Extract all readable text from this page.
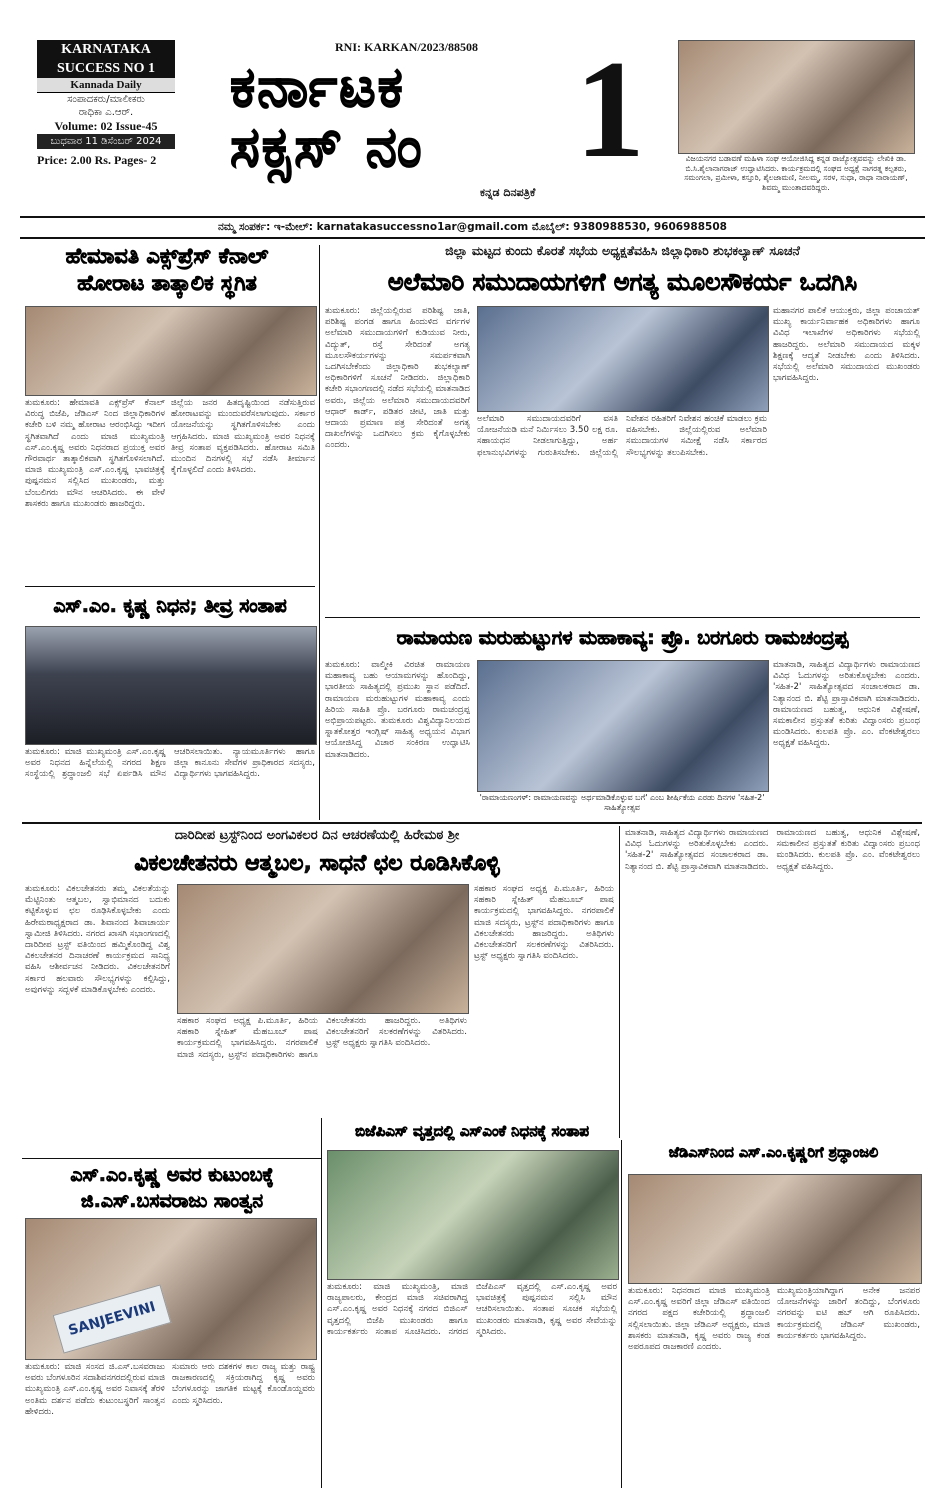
KARNATAKA
SUCCESS NO 1
Kannada Daily
ಸಂಪಾದಕರು/ಮಾಲೀಕರು
ರಾಧಿಕಾ ಎ.ಆರ್.
Volume: 02 Issue-45
ಬುಧವಾರ 11 ಡಿಸೆಂಬರ್ 2024
Price: 2.00 Rs. Pages- 2
RNI: KARKAN/2023/88508
ಕರ್ನಾಟಕ
ಸಕ್ಸಸ್ ನಂ	1
ಕನ್ನಡ ದಿನಪತ್ರಿಕೆ
ವಿಜಯನಗರ ಬಡಾವಣೆ ಮಹಿಳಾ ಸಂಘ ಆಯೋಜಿಸಿದ್ದ ಕನ್ನಡ ರಾಜ್ಯೋತ್ಸವವನ್ನು ಲೇಖಿಕಿ ಡಾ. ಬಿ.ಸಿ.ಶೈಲಾನಾಗರಾಜ್ ಉದ್ಘಾಟಿಸಿದರು. ಕಾರ್ಯಕ್ರಮದಲ್ಲಿ ಸಂಘದ ಅಧ್ಯಕ್ಷೆ ನಾಗರತ್ನ ಕಲ್ಪತರು, ಸಮಂಗಲಾ, ಪ್ರಮೀಳಾ, ಕಸ್ತೂರಿ, ಶೈಲಜಾಮಣಿ, ನೀಲಮ್ಮ, ಸರಳ, ಸುಧಾ, ರಾಧಾ ನಾರಾಯಣ್, ಶಿವಮ್ಮ ಮುಂತಾದವರಿದ್ದರು.
ನಮ್ಮ ಸಂಪರ್ಕ: ಇ-ಮೇಲ್: karnatakasuccessno1ar@gmail.com ಮೊಬೈಲ್: 9380988530, 9606988508
ಹೇಮಾವತಿ ಎಕ್ಸ್‌ಪ್ರೆಸ್ ಕೆನಾಲ್
ಹೋರಾಟ ತಾತ್ಕಾಲಿಕ ಸ್ಥಗಿತ
ತುಮಕೂರು: ಹೇಮಾವತಿ ಎಕ್ಸ್‌ಪ್ರೆಸ್ ಕೆನಾಲ್ ವಿರುದ್ಧ ಬಿಜೆಪಿ, ಜೆಡಿಎಸ್ ನಿಂದ ಜಿಲ್ಲಾಧಿಕಾರಿಗಳ ಕಚೇರಿ ಬಳಿ ನಮ್ಮ ಹೋರಾಟ ಆರಂಭಿಸಿದ್ದು ಇದೀಗ ಸ್ಥಗಿತವಾಗಿದೆ ಎಂದು ಮಾಜಿ ಮುಖ್ಯಮಂತ್ರಿ ಎಸ್.ಎಂ.ಕೃಷ್ಣ ಅವರು ನಿಧನರಾದ ಪ್ರಯುಕ್ತ ಅವರ ಗೌರವಾರ್ಥ ತಾತ್ಕಾಲಿಕವಾಗಿ ಸ್ಥಗಿತಗೊಳಿಸಲಾಗಿದೆ. ಮಾಜಿ ಮುಖ್ಯಮಂತ್ರಿ ಎಸ್.ಎಂ.ಕೃಷ್ಣ ಭಾವಚಿತ್ರಕ್ಕೆ ಪುಷ್ಪನಮನ ಸಲ್ಲಿಸಿದ ಮುಖಂಡರು, ಮತ್ತು ಬೆಂಬಲಿಗರು ಮೌನ ಆಚರಿಸಿದರು. ಈ ವೇಳೆ ಶಾಸಕರು ಹಾಗೂ ಮುಖಂಡರು ಹಾಜರಿದ್ದರು.
ಜಿಲ್ಲೆಯ ಜನರ ಹಿತದೃಷ್ಟಿಯಿಂದ ನಡೆಸುತ್ತಿರುವ ಹೋರಾಟವನ್ನು ಮುಂದುವರೆಸಲಾಗುವುದು. ಸರ್ಕಾರ ಯೋಜನೆಯನ್ನು ಸ್ಥಗಿತಗೊಳಿಸಬೇಕು ಎಂದು ಆಗ್ರಹಿಸಿದರು. ಮಾಜಿ ಮುಖ್ಯಮಂತ್ರಿ ಅವರ ನಿಧನಕ್ಕೆ ತೀವ್ರ ಸಂತಾಪ ವ್ಯಕ್ತಪಡಿಸಿದರು. ಹೋರಾಟ ಸಮಿತಿ ಮುಂದಿನ ದಿನಗಳಲ್ಲಿ ಸಭೆ ನಡೆಸಿ ತೀರ್ಮಾನ ಕೈಗೊಳ್ಳಲಿದೆ ಎಂದು ತಿಳಿಸಿದರು.
ಎಸ್.ಎಂ. ಕೃಷ್ಣ ನಿಧನ; ತೀವ್ರ ಸಂತಾಪ
ತುಮಕೂರು: ಮಾಜಿ ಮುಖ್ಯಮಂತ್ರಿ ಎಸ್.ಎಂ.ಕೃಷ್ಣ ಅವರ ನಿಧನದ ಹಿನ್ನೆಲೆಯಲ್ಲಿ ನಗರದ ಶಿಕ್ಷಣ ಸಂಸ್ಥೆಯಲ್ಲಿ ಶ್ರದ್ಧಾಂಜಲಿ ಸಭೆ ಏರ್ಪಡಿಸಿ ಮೌನ ಆಚರಿಸಲಾಯಿತು. ನ್ಯಾಯಮೂರ್ತಿಗಳು ಹಾಗೂ ಜಿಲ್ಲಾ ಕಾನೂನು ಸೇವೆಗಳ ಪ್ರಾಧಿಕಾರದ ಸದಸ್ಯರು, ವಿದ್ಯಾರ್ಥಿಗಳು ಭಾಗವಹಿಸಿದ್ದರು.
ಜಿಲ್ಲಾ ಮಟ್ಟದ ಕುಂದು ಕೊರತೆ ಸಭೆಯ ಅಧ್ಯಕ್ಷತೆವಹಿಸಿ ಜಿಲ್ಲಾಧಿಕಾರಿ ಶುಭಕಲ್ಯಾಣ್ ಸೂಚನೆ
ಅಲೆಮಾರಿ ಸಮುದಾಯಗಳಿಗೆ ಅಗತ್ಯ ಮೂಲಸೌಕರ್ಯ ಒದಗಿಸಿ
ತುಮಕೂರು: ಜಿಲ್ಲೆಯಲ್ಲಿರುವ ಪರಿಶಿಷ್ಟ ಜಾತಿ, ಪರಿಶಿಷ್ಟ ಪಂಗಡ ಹಾಗೂ ಹಿಂದುಳಿದ ವರ್ಗಗಳ ಅಲೆಮಾರಿ ಸಮುದಾಯಗಳಿಗೆ ಕುಡಿಯುವ ನೀರು, ವಿದ್ಯುತ್, ರಸ್ತೆ ಸೇರಿದಂತೆ ಅಗತ್ಯ ಮೂಲಸೌಕರ್ಯಗಳನ್ನು ಸಮರ್ಪಕವಾಗಿ ಒದಗಿಸಬೇಕೆಂದು ಜಿಲ್ಲಾಧಿಕಾರಿ ಶುಭಕಲ್ಯಾಣ್ ಅಧಿಕಾರಿಗಳಿಗೆ ಸೂಚನೆ ನೀಡಿದರು. ಜಿಲ್ಲಾಧಿಕಾರಿ ಕಚೇರಿ ಸಭಾಂಗಣದಲ್ಲಿ ನಡೆದ ಸಭೆಯಲ್ಲಿ ಮಾತನಾಡಿದ ಅವರು, ಜಿಲ್ಲೆಯ ಅಲೆಮಾರಿ ಸಮುದಾಯದವರಿಗೆ ಆಧಾರ್ ಕಾರ್ಡ್, ಪಡಿತರ ಚೀಟಿ, ಜಾತಿ ಮತ್ತು ಆದಾಯ ಪ್ರಮಾಣ ಪತ್ರ ಸೇರಿದಂತೆ ಅಗತ್ಯ ದಾಖಲೆಗಳನ್ನು ಒದಗಿಸಲು ಕ್ರಮ ಕೈಗೊಳ್ಳಬೇಕು ಎಂದರು.
ಅಲೆಮಾರಿ ಸಮುದಾಯದವರಿಗೆ ವಸತಿ ಯೋಜನೆಯಡಿ ಮನೆ ನಿರ್ಮಿಸಲು 3.50 ಲಕ್ಷ ರೂ. ಸಹಾಯಧನ ನೀಡಲಾಗುತ್ತಿದ್ದು, ಅರ್ಹ ಫಲಾನುಭವಿಗಳನ್ನು ಗುರುತಿಸಬೇಕು. ಜಿಲ್ಲೆಯಲ್ಲಿ ನಿವೇಶನ ರಹಿತರಿಗೆ ನಿವೇಶನ ಹಂಚಿಕೆ ಮಾಡಲು ಕ್ರಮ ವಹಿಸಬೇಕು. ಜಿಲ್ಲೆಯಲ್ಲಿರುವ ಅಲೆಮಾರಿ ಸಮುದಾಯಗಳ ಸಮೀಕ್ಷೆ ನಡೆಸಿ ಸರ್ಕಾರದ ಸೌಲಭ್ಯಗಳನ್ನು ತಲುಪಿಸಬೇಕು.
ಮಹಾನಗರ ಪಾಲಿಕೆ ಆಯುಕ್ತರು, ಜಿಲ್ಲಾ ಪಂಚಾಯತ್ ಮುಖ್ಯ ಕಾರ್ಯನಿರ್ವಾಹಕ ಅಧಿಕಾರಿಗಳು ಹಾಗೂ ವಿವಿಧ ಇಲಾಖೆಗಳ ಅಧಿಕಾರಿಗಳು ಸಭೆಯಲ್ಲಿ ಹಾಜರಿದ್ದರು. ಅಲೆಮಾರಿ ಸಮುದಾಯದ ಮಕ್ಕಳ ಶಿಕ್ಷಣಕ್ಕೆ ಆದ್ಯತೆ ನೀಡಬೇಕು ಎಂದು ತಿಳಿಸಿದರು. ಸಭೆಯಲ್ಲಿ ಅಲೆಮಾರಿ ಸಮುದಾಯದ ಮುಖಂಡರು ಭಾಗವಹಿಸಿದ್ದರು.
ರಾಮಾಯಣ ಮರುಹುಟ್ಟುಗಳ ಮಹಾಕಾವ್ಯ: ಪ್ರೊ. ಬರಗೂರು ರಾಮಚಂದ್ರಪ್ಪ
ತುಮಕೂರು: ವಾಲ್ಮೀಕಿ ವಿರಚಿತ ರಾಮಾಯಣ ಮಹಾಕಾವ್ಯ ಬಹು ಆಯಾಮಗಳನ್ನು ಹೊಂದಿದ್ದು, ಭಾರತೀಯ ಸಾಹಿತ್ಯದಲ್ಲಿ ಪ್ರಮುಖ ಸ್ಥಾನ ಪಡೆದಿದೆ. ರಾಮಾಯಣ ಮರುಹುಟ್ಟುಗಳ ಮಹಾಕಾವ್ಯ ಎಂದು ಹಿರಿಯ ಸಾಹಿತಿ ಪ್ರೊ. ಬರಗೂರು ರಾಮಚಂದ್ರಪ್ಪ ಅಭಿಪ್ರಾಯಪಟ್ಟರು. ತುಮಕೂರು ವಿಶ್ವವಿದ್ಯಾನಿಲಯದ ಸ್ನಾತಕೋತ್ತರ ಇಂಗ್ಲಿಷ್ ಸಾಹಿತ್ಯ ಅಧ್ಯಯನ ವಿಭಾಗ ಆಯೋಜಿಸಿದ್ದ ವಿಚಾರ ಸಂಕಿರಣ ಉದ್ಘಾಟಿಸಿ ಮಾತನಾಡಿದರು.
'ರಾಮಾಯಣಂಗಳ್: ರಾಮಾಯಣವನ್ನು ಅರ್ಥಮಾಡಿಕೊಳ್ಳುವ ಬಗೆ' ಎಂಬ ಶೀರ್ಷಿಕೆಯ ಎರಡು ದಿನಗಳ 'ಸಹಿತ-2' ಸಾಹಿತ್ಯೋತ್ಸವ
ಮಾತನಾಡಿ, ಸಾಹಿತ್ಯದ ವಿದ್ಯಾರ್ಥಿಗಳು ರಾಮಾಯಣದ ವಿವಿಧ ಓದುಗಳನ್ನು ಅರಿತುಕೊಳ್ಳಬೇಕು ಎಂದರು. 'ಸಹಿತ-2' ಸಾಹಿತ್ಯೋತ್ಸವದ ಸಂಚಾಲಕರಾದ ಡಾ. ನಿತ್ಯಾನಂದ ಬಿ. ಶೆಟ್ಟಿ ಪ್ರಾಸ್ತಾವಿಕವಾಗಿ ಮಾತನಾಡಿದರು. ರಾಮಾಯಣದ ಬಹುತ್ವ, ಆಧುನಿಕ ವಿಶ್ಲೇಷಣೆ, ಸಮಕಾಲೀನ ಪ್ರಸ್ತುತತೆ ಕುರಿತು ವಿದ್ವಾಂಸರು ಪ್ರಬಂಧ ಮಂಡಿಸಿದರು. ಕುಲಪತಿ ಪ್ರೊ. ಎಂ. ವೆಂಕಟೇಶ್ವರಲು ಅಧ್ಯಕ್ಷತೆ ವಹಿಸಿದ್ದರು.
ದಾರಿದೀಪ ಟ್ರಸ್ಟ್‌ನಿಂದ ಅಂಗವಿಕಲರ ದಿನ ಆಚರಣೆಯಲ್ಲಿ ಹಿರೇಮಠ ಶ್ರೀ
ವಿಕಲಚೇತನರು ಆತ್ಮಬಲ, ಸಾಧನೆ ಛಲ ರೂಡಿಸಿಕೊಳ್ಳಿ
ತುಮಕೂರು: ವಿಕಲಚೇತನರು ತಮ್ಮ ವಿಕಲತೆಯನ್ನು ಮೆಟ್ಟಿನಿಂತು ಆತ್ಮಬಲ, ಸ್ವಾಭಿಮಾನದ ಬದುಕು ಕಟ್ಟಿಕೊಳ್ಳುವ ಛಲ ರೂಢಿಸಿಕೊಳ್ಳಬೇಕು ಎಂದು ಹಿರೇಮಠಾಧ್ಯಕ್ಷರಾದ ಡಾ. ಶಿವಾನಂದ ಶಿವಾಚಾರ್ಯ ಸ್ವಾಮೀಜಿ ತಿಳಿಸಿದರು. ನಗರದ ಖಾಸಗಿ ಸಭಾಂಗಣದಲ್ಲಿ ದಾರಿದೀಪ ಟ್ರಸ್ಟ್ ವತಿಯಿಂದ ಹಮ್ಮಿಕೊಂಡಿದ್ದ ವಿಶ್ವ ವಿಕಲಚೇತನರ ದಿನಾಚರಣೆ ಕಾರ್ಯಕ್ರಮದ ಸಾನಿಧ್ಯ ವಹಿಸಿ ಆಶೀರ್ವಚನ ನೀಡಿದರು. ವಿಕಲಚೇತನರಿಗೆ ಸರ್ಕಾರ ಹಲವಾರು ಸೌಲಭ್ಯಗಳನ್ನು ಕಲ್ಪಿಸಿದ್ದು, ಅವುಗಳನ್ನು ಸದ್ಬಳಕೆ ಮಾಡಿಕೊಳ್ಳಬೇಕು ಎಂದರು.
ಸಹಕಾರ ಸಂಘದ ಅಧ್ಯಕ್ಷ ಪಿ.ಮೂರ್ತಿ, ಹಿರಿಯ ಸಹಕಾರಿ ಸ್ನೇಹಿತ್ ಮೆಹಬೂಬ್ ಪಾಷ ಕಾರ್ಯಕ್ರಮದಲ್ಲಿ ಭಾಗವಹಿಸಿದ್ದರು. ನಗರಪಾಲಿಕೆ ಮಾಜಿ ಸದಸ್ಯರು, ಟ್ರಸ್ಟ್‌ನ ಪದಾಧಿಕಾರಿಗಳು ಹಾಗೂ ವಿಕಲಚೇತನರು ಹಾಜರಿದ್ದರು. ಅತಿಥಿಗಳು ವಿಕಲಚೇತನರಿಗೆ ಸಲಕರಣೆಗಳನ್ನು ವಿತರಿಸಿದರು. ಟ್ರಸ್ಟ್ ಅಧ್ಯಕ್ಷರು ಸ್ವಾಗತಿಸಿ ವಂದಿಸಿದರು.
ಸಹಕಾರ ಸಂಘದ ಅಧ್ಯಕ್ಷ ಪಿ.ಮೂರ್ತಿ, ಹಿರಿಯ ಸಹಕಾರಿ ಸ್ನೇಹಿತ್ ಮೆಹಬೂಬ್ ಪಾಷ ಕಾರ್ಯಕ್ರಮದಲ್ಲಿ ಭಾಗವಹಿಸಿದ್ದರು. ನಗರಪಾಲಿಕೆ ಮಾಜಿ ಸದಸ್ಯರು, ಟ್ರಸ್ಟ್‌ನ ಪದಾಧಿಕಾರಿಗಳು ಹಾಗೂ ವಿಕಲಚೇತನರು ಹಾಜರಿದ್ದರು. ಅತಿಥಿಗಳು ವಿಕಲಚೇತನರಿಗೆ ಸಲಕರಣೆಗಳನ್ನು ವಿತರಿಸಿದರು. ಟ್ರಸ್ಟ್ ಅಧ್ಯಕ್ಷರು ಸ್ವಾಗತಿಸಿ ವಂದಿಸಿದರು.
ಮಾತನಾಡಿ, ಸಾಹಿತ್ಯದ ವಿದ್ಯಾರ್ಥಿಗಳು ರಾಮಾಯಣದ ವಿವಿಧ ಓದುಗಳನ್ನು ಅರಿತುಕೊಳ್ಳಬೇಕು ಎಂದರು. 'ಸಹಿತ-2' ಸಾಹಿತ್ಯೋತ್ಸವದ ಸಂಚಾಲಕರಾದ ಡಾ. ನಿತ್ಯಾನಂದ ಬಿ. ಶೆಟ್ಟಿ ಪ್ರಾಸ್ತಾವಿಕವಾಗಿ ಮಾತನಾಡಿದರು. ರಾಮಾಯಣದ ಬಹುತ್ವ, ಆಧುನಿಕ ವಿಶ್ಲೇಷಣೆ, ಸಮಕಾಲೀನ ಪ್ರಸ್ತುತತೆ ಕುರಿತು ವಿದ್ವಾಂಸರು ಪ್ರಬಂಧ ಮಂಡಿಸಿದರು. ಕುಲಪತಿ ಪ್ರೊ. ಎಂ. ವೆಂಕಟೇಶ್ವರಲು ಅಧ್ಯಕ್ಷತೆ ವಹಿಸಿದ್ದರು.
ಎಸ್.ಎಂ.ಕೃಷ್ಣ ಅವರ ಕುಟುಂಬಕ್ಕೆ
ಜಿ.ಎಸ್.ಬಸವರಾಜು ಸಾಂತ್ವನ
SANJEEVINI
ತುಮಕೂರು: ಮಾಜಿ ಸಂಸದ ಜಿ.ಎಸ್.ಬಸವರಾಜು ಅವರು ಬೆಂಗಳೂರಿನ ಸದಾಶಿವನಗರದಲ್ಲಿರುವ ಮಾಜಿ ಮುಖ್ಯಮಂತ್ರಿ ಎಸ್.ಎಂ.ಕೃಷ್ಣ ಅವರ ನಿವಾಸಕ್ಕೆ ತೆರಳಿ ಅಂತಿಮ ದರ್ಶನ ಪಡೆದು ಕುಟುಂಬಸ್ಥರಿಗೆ ಸಾಂತ್ವನ ಹೇಳಿದರು.
ಸುಮಾರು ಆರು ದಶಕಗಳ ಕಾಲ ರಾಜ್ಯ ಮತ್ತು ರಾಷ್ಟ್ರ ರಾಜಕಾರಣದಲ್ಲಿ ಸಕ್ರಿಯರಾಗಿದ್ದ ಕೃಷ್ಣ ಅವರು ಬೆಂಗಳೂರನ್ನು ಜಾಗತಿಕ ಮಟ್ಟಕ್ಕೆ ಕೊಂಡೊಯ್ದವರು ಎಂದು ಸ್ಮರಿಸಿದರು.
ಬಿಜೆಪಿಎಸ್ ವೃತ್ತದಲ್ಲಿ ಎಸ್‌ಎಂಕೆ ನಿಧನಕ್ಕೆ ಸಂತಾಪ
ತುಮಕೂರು: ಮಾಜಿ ಮುಖ್ಯಮಂತ್ರಿ, ಮಾಜಿ ರಾಜ್ಯಪಾಲರು, ಕೇಂದ್ರದ ಮಾಜಿ ಸಚಿವರಾಗಿದ್ದ ಎಸ್.ಎಂ.ಕೃಷ್ಣ ಅವರ ನಿಧನಕ್ಕೆ ನಗರದ ಬಿಜಿಎಸ್ ವೃತ್ತದಲ್ಲಿ ಬಿಜೆಪಿ ಮುಖಂಡರು ಹಾಗೂ ಕಾರ್ಯಕರ್ತರು ಸಂತಾಪ ಸೂಚಿಸಿದರು. ನಗರದ ಬಿಜೆಪಿಎಸ್ ವೃತ್ತದಲ್ಲಿ ಎಸ್.ಎಂ.ಕೃಷ್ಣ ಅವರ ಭಾವಚಿತ್ರಕ್ಕೆ ಪುಷ್ಪನಮನ ಸಲ್ಲಿಸಿ ಮೌನ ಆಚರಿಸಲಾಯಿತು. ಸಂತಾಪ ಸೂಚಕ ಸಭೆಯಲ್ಲಿ ಮುಖಂಡರು ಮಾತನಾಡಿ, ಕೃಷ್ಣ ಅವರ ಸೇವೆಯನ್ನು ಸ್ಮರಿಸಿದರು.
ಜೆಡಿಎಸ್‌ನಿಂದ ಎಸ್.ಎಂ.ಕೃಷ್ಣರಿಗೆ ಶ್ರದ್ಧಾಂಜಲಿ
ತುಮಕೂರು: ನಿಧನರಾದ ಮಾಜಿ ಮುಖ್ಯಮಂತ್ರಿ ಎಸ್.ಎಂ.ಕೃಷ್ಣ ಅವರಿಗೆ ಜಿಲ್ಲಾ ಜೆಡಿಎಸ್ ವತಿಯಿಂದ ನಗರದ ಪಕ್ಷದ ಕಚೇರಿಯಲ್ಲಿ ಶ್ರದ್ಧಾಂಜಲಿ ಸಲ್ಲಿಸಲಾಯಿತು. ಜಿಲ್ಲಾ ಜೆಡಿಎಸ್ ಅಧ್ಯಕ್ಷರು, ಮಾಜಿ ಶಾಸಕರು ಮಾತನಾಡಿ, ಕೃಷ್ಣ ಅವರು ರಾಜ್ಯ ಕಂಡ ಅಪರೂಪದ ರಾಜಕಾರಣಿ ಎಂದರು.
ಮುಖ್ಯಮಂತ್ರಿಯಾಗಿದ್ದಾಗ ಅನೇಕ ಜನಪರ ಯೋಜನೆಗಳನ್ನು ಜಾರಿಗೆ ತಂದಿದ್ದು, ಬೆಂಗಳೂರು ನಗರವನ್ನು ಐಟಿ ಹಬ್ ಆಗಿ ರೂಪಿಸಿದರು. ಕಾರ್ಯಕ್ರಮದಲ್ಲಿ ಜೆಡಿಎಸ್ ಮುಖಂಡರು, ಕಾರ್ಯಕರ್ತರು ಭಾಗವಹಿಸಿದ್ದರು.
